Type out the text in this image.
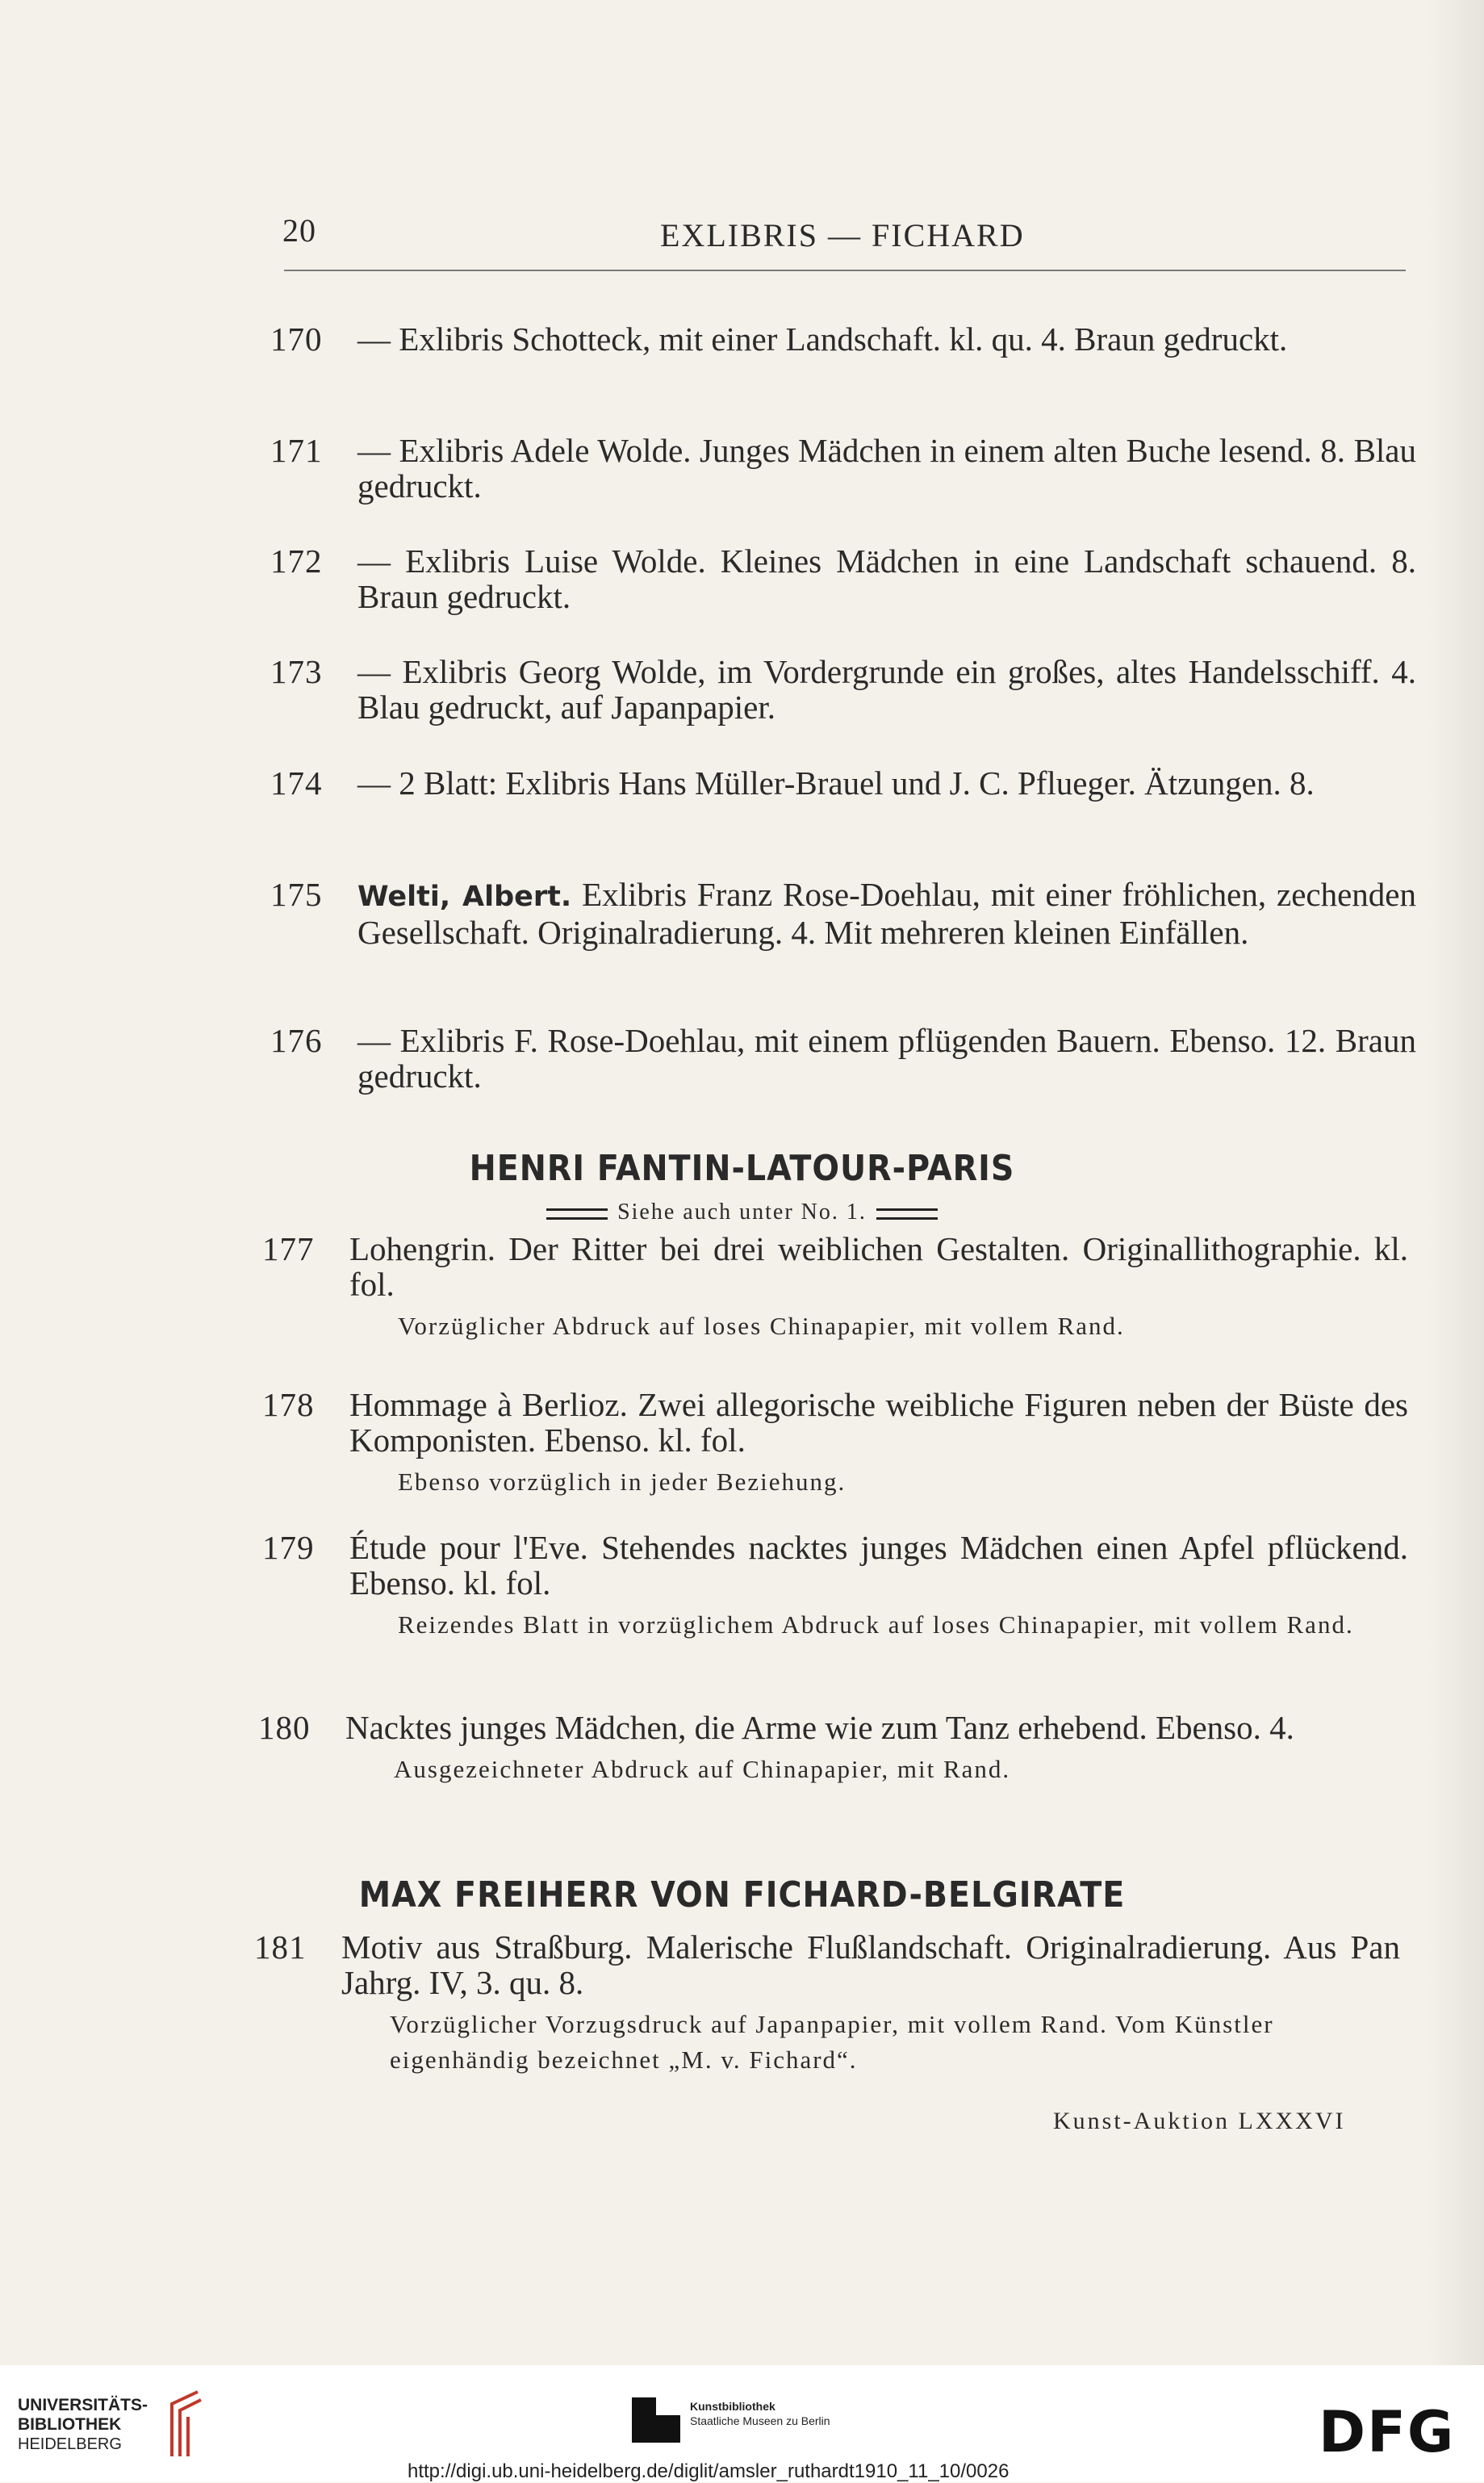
20	EXLIBRIS — FICHARD
170	— Exlibris Schotteck, mit einer Landschaft. kl. qu. 4. Braun gedruckt.
171	— Exlibris Adele Wolde. Junges Mädchen in einem alten Buche lesend. 8. Blau gedruckt.
172	— Exlibris Luise Wolde. Kleines Mädchen in eine Landschaft schauend. 8. Braun gedruckt.
173	— Exlibris Georg Wolde, im Vordergrunde ein großes, altes Handelsschiff. 4. Blau gedruckt, auf Japanpapier.
174	— 2 Blatt: Exlibris Hans Müller-Brauel und J. C. Pflueger. Ätzungen. 8.
175	Welti, Albert. Exlibris Franz Rose-Doehlau, mit einer fröhlichen, zechenden Gesellschaft. Originalradierung. 4. Mit mehreren kleinen Einfällen.
176	— Exlibris F. Rose-Doehlau, mit einem pflügenden Bauern. Ebenso. 12. Braun gedruckt.
HENRI FANTIN-LATOUR-PARIS
Siehe auch unter No. 1.
177	Lohengrin. Der Ritter bei drei weiblichen Gestalten. Originallithographie. kl. fol.
Vorzüglicher Abdruck auf loses Chinapapier, mit vollem Rand.
178	Hommage à Berlioz. Zwei allegorische weibliche Figuren neben der Büste des Komponisten. Ebenso. kl. fol.
Ebenso vorzüglich in jeder Beziehung.
179	Étude pour l'Eve. Stehendes nacktes junges Mädchen einen Apfel pflückend. Ebenso. kl. fol.
Reizendes Blatt in vorzüglichem Abdruck auf loses Chinapapier, mit vollem Rand.
180	Nacktes junges Mädchen, die Arme wie zum Tanz erhebend. Ebenso. 4.
Ausgezeichneter Abdruck auf Chinapapier, mit Rand.
MAX FREIHERR VON FICHARD-BELGIRATE
181	Motiv aus Straßburg. Malerische Flußlandschaft. Originalradierung. Aus Pan Jahrg. IV, 3. qu. 8.
Vorzüglicher Vorzugsdruck auf Japanpapier, mit vollem Rand. Vom Künstler eigenhändig bezeichnet „M. v. Fichard“.
Kunst-Auktion LXXXVI
UNIVERSITÄTS-
BIBLIOTHEK
HEIDELBERG
Kunstbibliothek
Staatliche Museen zu Berlin	DFG
http://digi.ub.uni-heidelberg.de/diglit/amsler_ruthardt1910_11_10/0026
